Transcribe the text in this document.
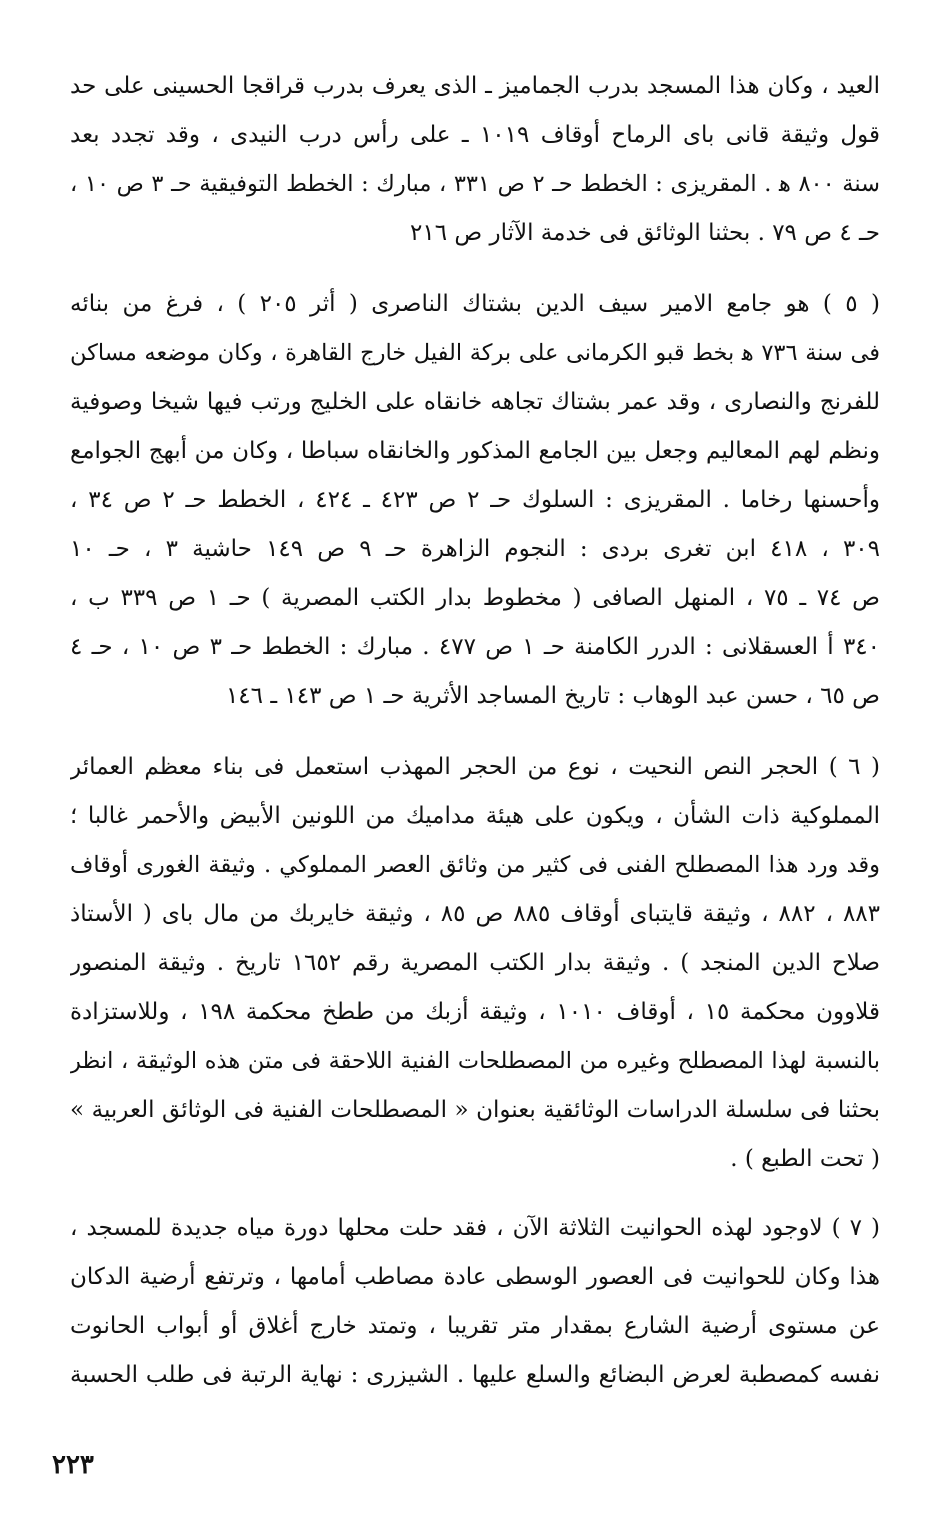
العيد ، وكان هذا المسجد بدرب الجماميز ـ الذى يعرف بدرب قراقجا الحسينى على حد
قول وثيقة قانى باى الرماح أوقاف ١٠١٩ ـ على رأس درب النيدى ، وقد تجدد بعد
سنة ٨٠٠ ﻫ . المقريزى : الخطط حـ ٢ ص ٣٣١ ، مبارك : الخطط التوفيقية حـ ٣ ص ١٠ ،
حـ ٤ ص ٧٩ . بحثنا الوثائق فى خدمة الآثار ص ٢١٦

( ٥ ) هو جامع الامير سيف الدين بشتاك الناصرى ( أثر ٢٠٥ ) ، فرغ من بنائه
فى سنة ٧٣٦ ﻫ بخط قبو الكرمانى على بركة الفيل خارج القاهرة ، وكان موضعه مساكن
للفرنج والنصارى ، وقد عمر بشتاك تجاهه خانقاه على الخليج ورتب فيها شيخا وصوفية
ونظم لهم المعاليم وجعل بين الجامع المذكور والخانقاه سباطا ، وكان من أبهج الجوامع
وأحسنها رخاما . المقريزى : السلوك حـ ٢ ص ٤٢٣ ـ ٤٢٤ ، الخطط حـ ٢ ص ٣٤ ،
٣٠٩ ، ٤١٨ ابن تغرى بردى : النجوم الزاهرة حـ ٩ ص ١٤٩ حاشية ٣ ، حـ ١٠
ص ٧٤ ـ ٧٥ ، المنهل الصافى ( مخطوط بدار الكتب المصرية ) حـ ١ ص ٣٣٩ ب ،
٣٤٠ أ العسقلانى : الدرر الكامنة حـ ١ ص ٤٧٧ . مبارك : الخطط حـ ٣ ص ١٠ ، حـ ٤
ص ٦٥ ، حسن عبد الوهاب : تاريخ المساجد الأثرية حـ ١ ص ١٤٣ ـ ١٤٦

( ٦ ) الحجر النص النحيت ، نوع من الحجر المهذب استعمل فى بناء معظم العمائر
المملوكية ذات الشأن ، ويكون على هيئة مداميك من اللونين الأبيض والأحمر غالبا ؛
وقد ورد هذا المصطلح الفنى فى كثير من وثائق العصر المملوكي . وثيقة الغورى أوقاف
٨٨٣ ، ٨٨٢ ، وثيقة قايتباى أوقاف ٨٨٥ ص ٨٥ ، وثيقة خايربك من مال باى ( الأستاذ
صلاح الدين المنجد ) . وثيقة بدار الكتب المصرية رقم ١٦٥٢ تاريخ . وثيقة المنصور
قلاوون محكمة ١٥ ، أوقاف ١٠١٠ ، وثيقة أزبك من ططخ محكمة ١٩٨ ، وللاستزادة
بالنسبة لهذا المصطلح وغيره من المصطلحات الفنية اللاحقة فى متن هذه الوثيقة ، انظر
بحثنا فى سلسلة الدراسات الوثائقية بعنوان « المصطلحات الفنية فى الوثائق العربية »
( تحت الطبع ) .

( ٧ ) لاوجود لهذه الحوانيت الثلاثة الآن ، فقد حلت محلها دورة مياه جديدة للمسجد ،
هذا وكان للحوانيت فى العصور الوسطى عادة مصاطب أمامها ، وترتفع أرضية الدكان
عن مستوى أرضية الشارع بمقدار متر تقريبا ، وتمتد خارج أغلاق أو أبواب الحانوت
نفسه كمصطبة لعرض البضائع والسلع عليها . الشيزرى : نهاية الرتبة فى طلب الحسبة

٢٢٣
